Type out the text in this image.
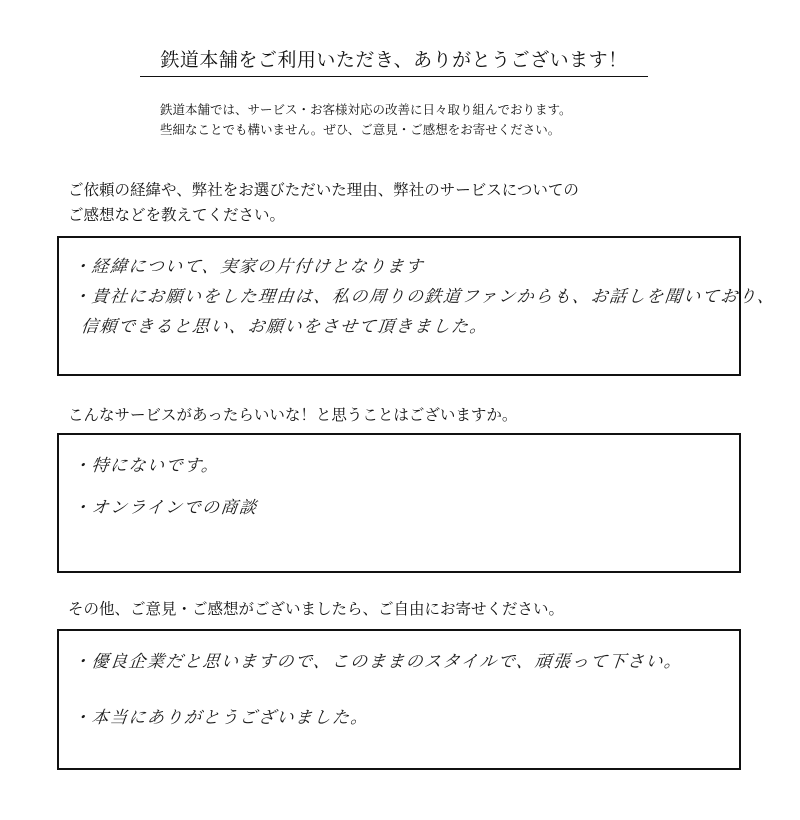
鉄道本舗をご利用いただき、ありがとうございます！
鉄道本舗では、サービス・お客様対応の改善に日々取り組んでおります。
些細なことでも構いません。ぜひ、ご意見・ご感想をお寄せください。
ご依頼の経緯や、弊社をお選びただいた理由、弊社のサービスについての
ご感想などを教えてください。
・経緯について、実家の片付けとなります
・貴社にお願いをした理由は、私の周りの鉄道ファンからも、お話しを聞いており、
信頼できると思い、お願いをさせて頂きました。
こんなサービスがあったらいいな！と思うことはございますか。
・特にないです。
・オンラインでの商談
その他、ご意見・ご感想がございましたら、ご自由にお寄せください。
・優良企業だと思いますので、このままのスタイルで、頑張って下さい。
・本当にありがとうございました。
